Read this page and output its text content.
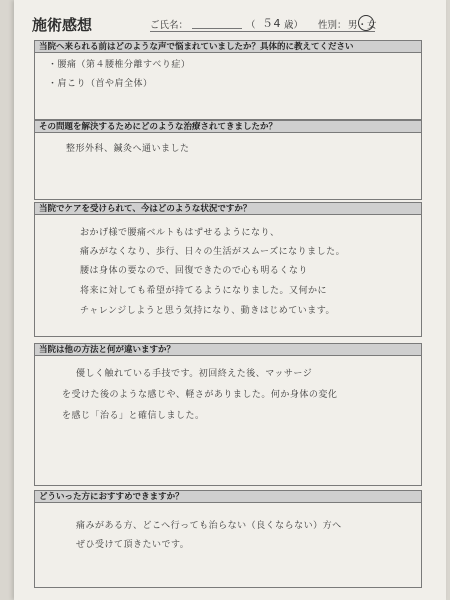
施術感想	ご氏名：	（ ５4 歳） 性別： 男・女
当院へ来られる前はどのような声で悩まれていましたか？具体的に教えてください
・腰痛（第４腰椎分離すべり症）
・肩こり（首や肩全体）
その問題を解決するためにどのような治療されてきましたか？
整形外科、鍼灸へ通いました
当院でケアを受けられて、今はどのような状況ですか？
おかげ様で腰痛ベルトもはずせるようになり、
痛みがなくなり、歩行、日々の生活がスムーズになりました。
腰は身体の要なので、回復できたので心も明るくなり
将来に対しても希望が持てるようになりました。又何かに
チャレンジしようと思う気持になり、動きはじめています。
当院は他の方法と何が違いますか？
優しく触れている手技です。初回終えた後、マッサージ
を受けた後のような感じや、軽さがありました。何か身体の変化
を感じ「治る」と確信しました。
どういった方におすすめできますか？
痛みがある方、どこへ行っても治らない（良くならない）方へ
ぜひ受けて頂きたいです。
